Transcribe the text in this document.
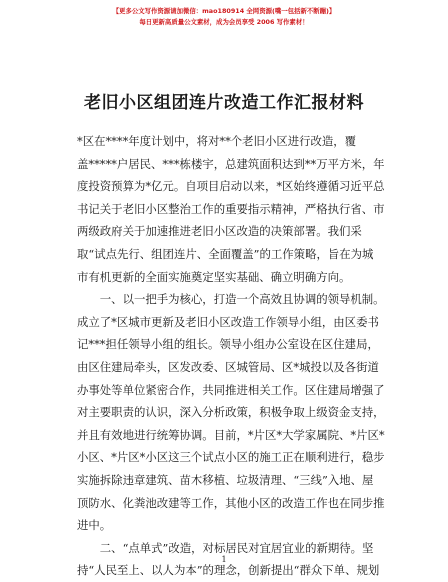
【更多公文写作资源请加微信：mao180914 全网资源(嘴一包括新不断蹦)】
每日更新高质量公文素材，成为会员享受 2006 写作素材！
老旧小区组团连片改造工作汇报材料
*区在****年度计划中，将对**个老旧小区进行改造，覆
盖*****户居民、***栋楼宇，总建筑面积达到**万平方米，年
度投资预算为*亿元。自项目启动以来，*区始终遵循习近平总
书记关于老旧小区整治工作的重要指示精神，严格执行省、市
两级政府关于加速推进老旧小区改造的决策部署。我们采
取“试点先行、组团连片、全面覆盖”的工作策略，旨在为城
市有机更新的全面实施奠定坚实基础、确立明确方向。
　　一、以一把手为核心，打造一个高效且协调的领导机制。
成立了*区城市更新及老旧小区改造工作领导小组，由区委书
记***担任领导小组的组长。领导小组办公室设在区住建局，
由区住建局牵头，区发改委、区城管局、区*城投以及各街道
办事处等单位紧密合作，共同推进相关工作。区住建局增强了
对主要职责的认识，深入分析政策，积极争取上级资金支持，
并且有效地进行统筹协调。目前，*片区*大学家属院、*片区*
小区、*片区*小区这三个试点小区的施工正在顺利进行，稳步
实施拆除违章建筑、苗木移植、垃圾清理、“三线”入地、屋
顶防水、化粪池改建等工作，其他小区的改造工作也在同步推
进中。
　　二、“点单式”改造，对标居民对宜居宜业的新期待。坚
持“人民至上、以人为本”的理念，创新提出“群众下单、规划
1
